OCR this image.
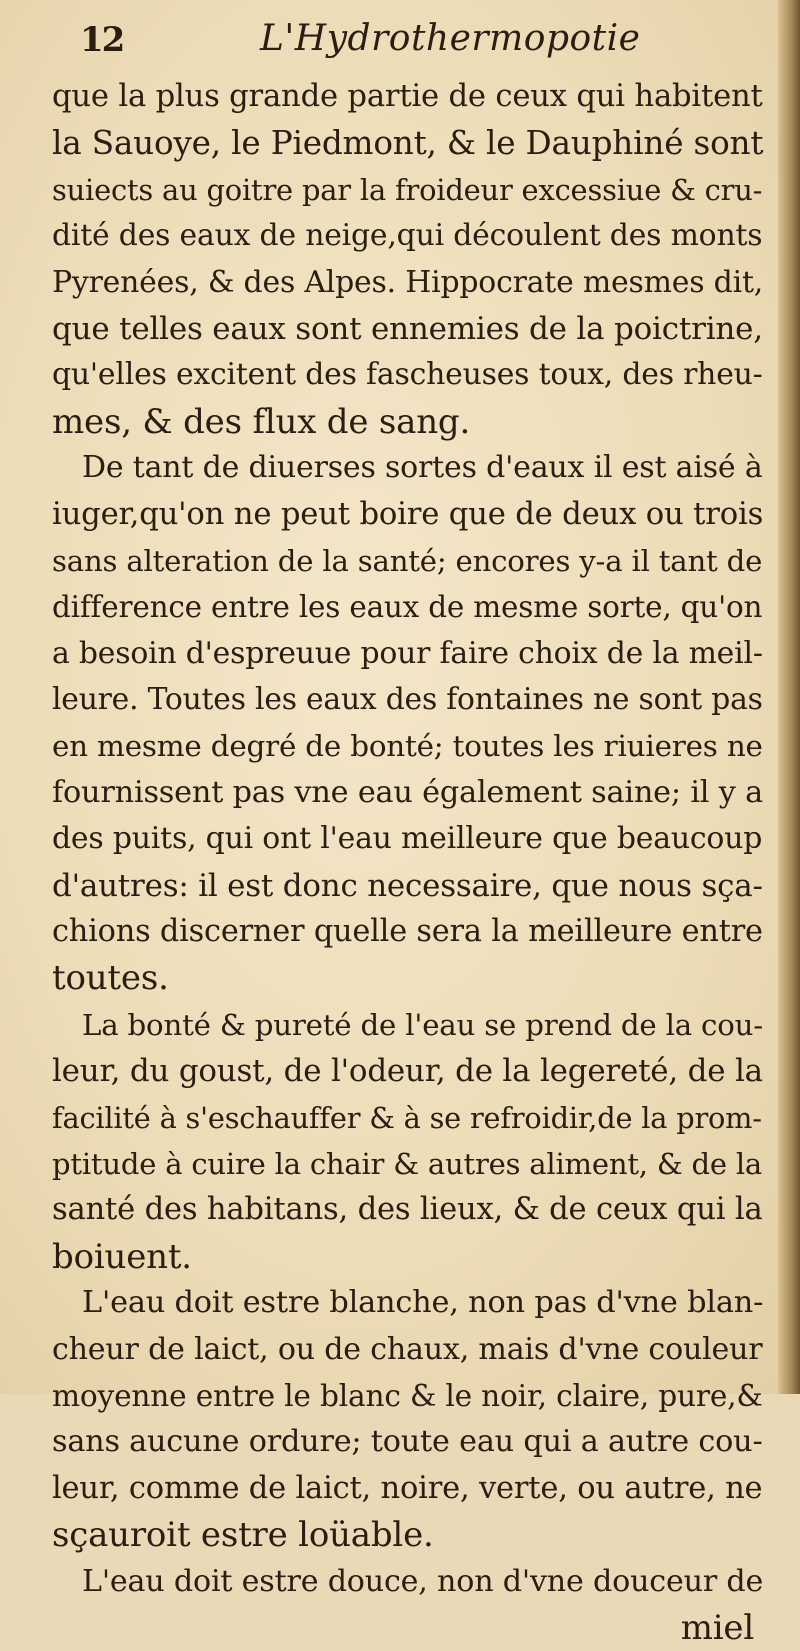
12	L'Hydrothermopotie
que la plus grande partie de ceux qui habitent
la Sauoye, le Piedmont, & le Dauphiné sont
suiects au goitre par la froideur excessiue & cru-
dité des eaux de neige,qui découlent des monts
Pyrenées, & des Alpes. Hippocrate mesmes dit,
que telles eaux sont ennemies de la poictrine,
qu'elles excitent des fascheuses toux, des rheu-
mes, & des flux de sang.
De tant de diuerses sortes d'eaux il est aisé à
iuger,qu'on ne peut boire que de deux ou trois
sans alteration de la santé; encores y-a il tant de
difference entre les eaux de mesme sorte, qu'on
a besoin d'espreuue pour faire choix de la meil-
leure. Toutes les eaux des fontaines ne sont pas
en mesme degré de bonté; toutes les riuieres ne
fournissent pas vne eau également saine; il y a
des puits, qui ont l'eau meilleure que beaucoup
d'autres: il est donc necessaire, que nous sça-
chions discerner quelle sera la meilleure entre
toutes.
La bonté & pureté de l'eau se prend de la cou-
leur, du goust, de l'odeur, de la legereté, de la
facilité à s'eschauffer & à se refroidir,de la prom-
ptitude à cuire la chair & autres aliment, & de la
santé des habitans, des lieux, & de ceux qui la
boiuent.
L'eau doit estre blanche, non pas d'vne blan-
cheur de laict, ou de chaux, mais d'vne couleur
moyenne entre le blanc & le noir, claire, pure,&
sans aucune ordure; toute eau qui a autre cou-
leur, comme de laict, noire, verte, ou autre, ne
sçauroit estre loüable.
L'eau doit estre douce, non d'vne douceur de
miel
